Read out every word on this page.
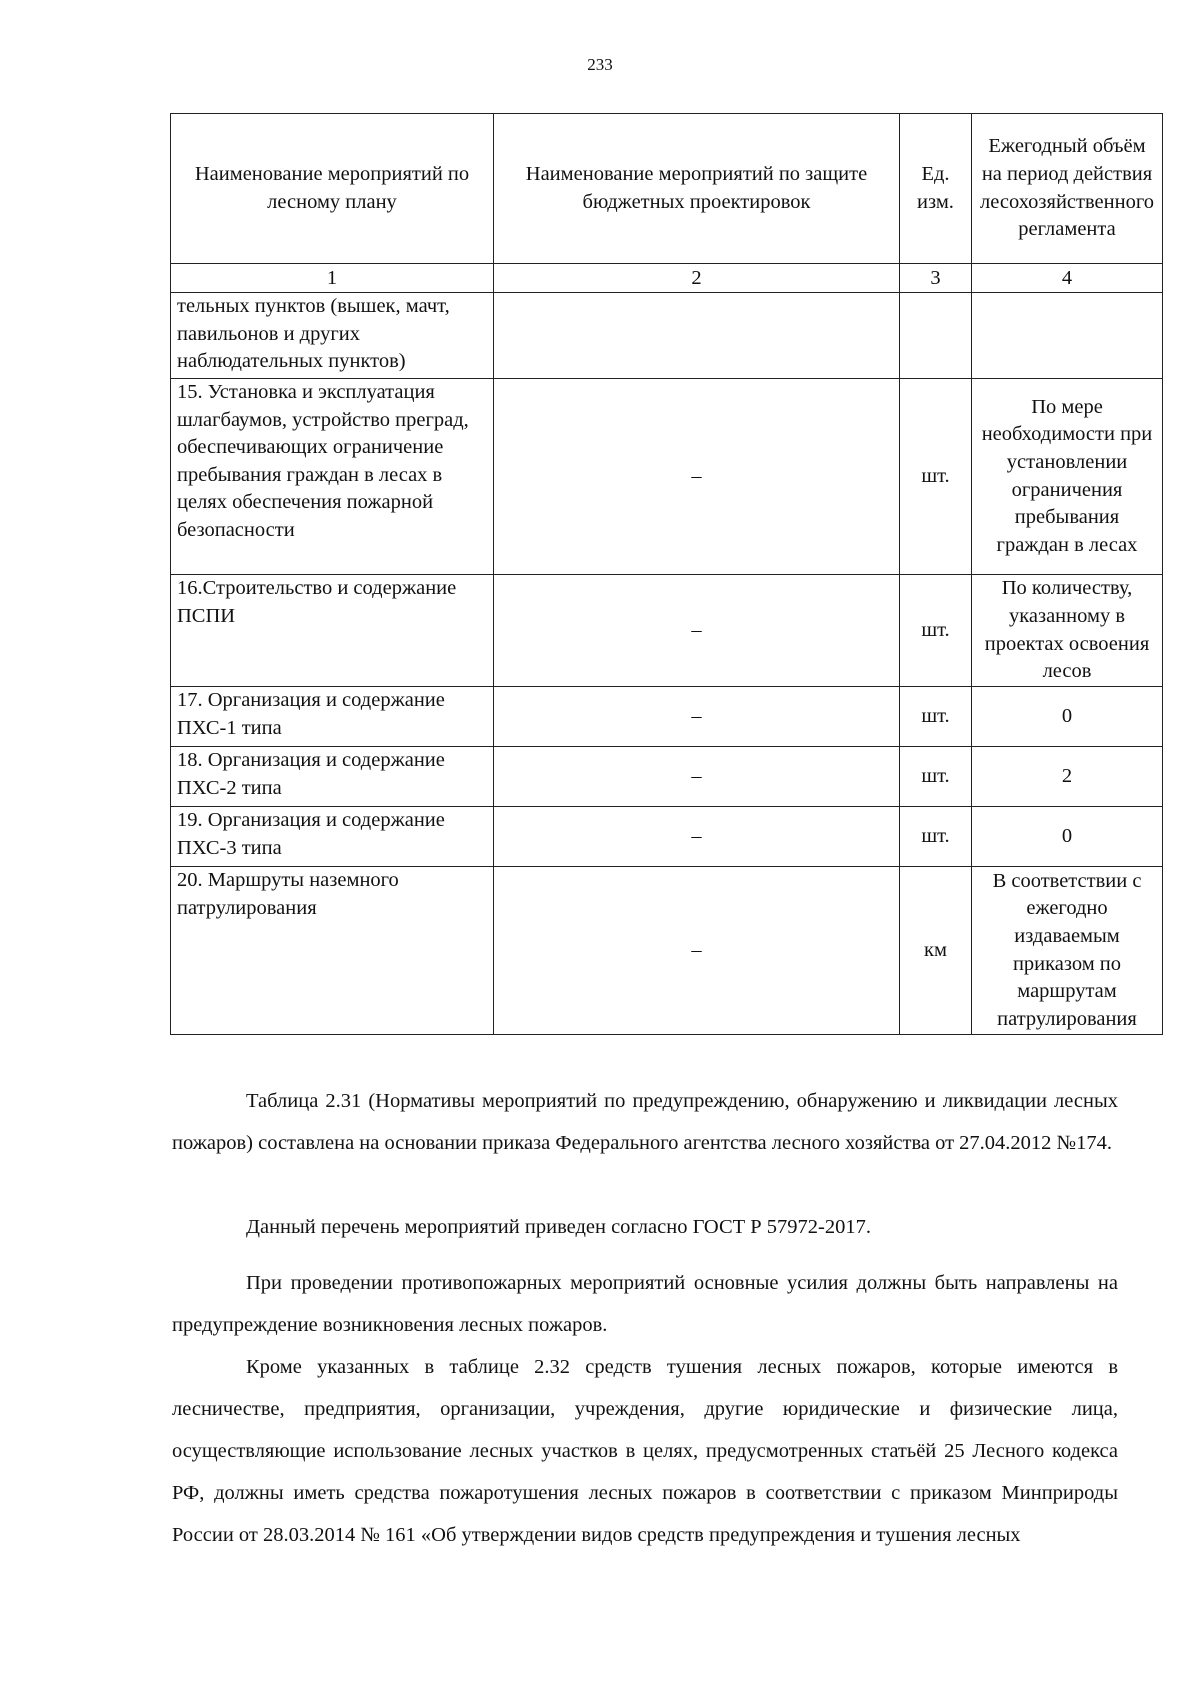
233
Наименование мероприятий по лесному плану	Наименование мероприятий по защите бюджетных проектировок	Ед. изм.	Ежегодный объём на период действия лесохозяйственного регламента
1	2	3	4
тельных пунктов (вышек, мачт, павильонов и других наблюдательных пунктов)			
15. Установка и эксплуатация шлагбаумов, устройство преград, обеспечивающих ограничение пребывания граждан в лесах в целях обеспечения пожарной безопасности	–	шт.	По мере необходимости при установлении ограничения пребывания граждан в лесах
16.Строительство и содержание ПСПИ	–	шт.	По количеству, указанному в проектах освоения лесов
17. Организация и содержание ПХС-1 типа	–	шт.	0
18. Организация и содержание ПХС-2 типа	–	шт.	2
19. Организация и содержание ПХС-3 типа	–	шт.	0
20. Маршруты наземного патрулирования	–	км	В соответствии с ежегодно издаваемым приказом по маршрутам патрулирования

Таблица 2.31 (Нормативы мероприятий по предупреждению, обнаружению и ликвидации лесных пожаров) составлена на основании приказа Федерального агентства лесного хозяйства от 27.04.2012 №174.

Данный перечень мероприятий приведен согласно ГОСТ Р 57972-2017.

При проведении противопожарных мероприятий основные усилия должны быть направлены на предупреждение возникновения лесных пожаров.

Кроме указанных в таблице 2.32 средств тушения лесных пожаров, которые имеются в лесничестве, предприятия, организации, учреждения, другие юридические и физические лица, осуществляющие использование лесных участков в целях, предусмотренных статьёй 25 Лесного кодекса РФ, должны иметь средства пожаротушения лесных пожаров в соответствии с приказом Минприроды России от 28.03.2014 № 161 «Об утверждении видов средств предупреждения и тушения лесных
